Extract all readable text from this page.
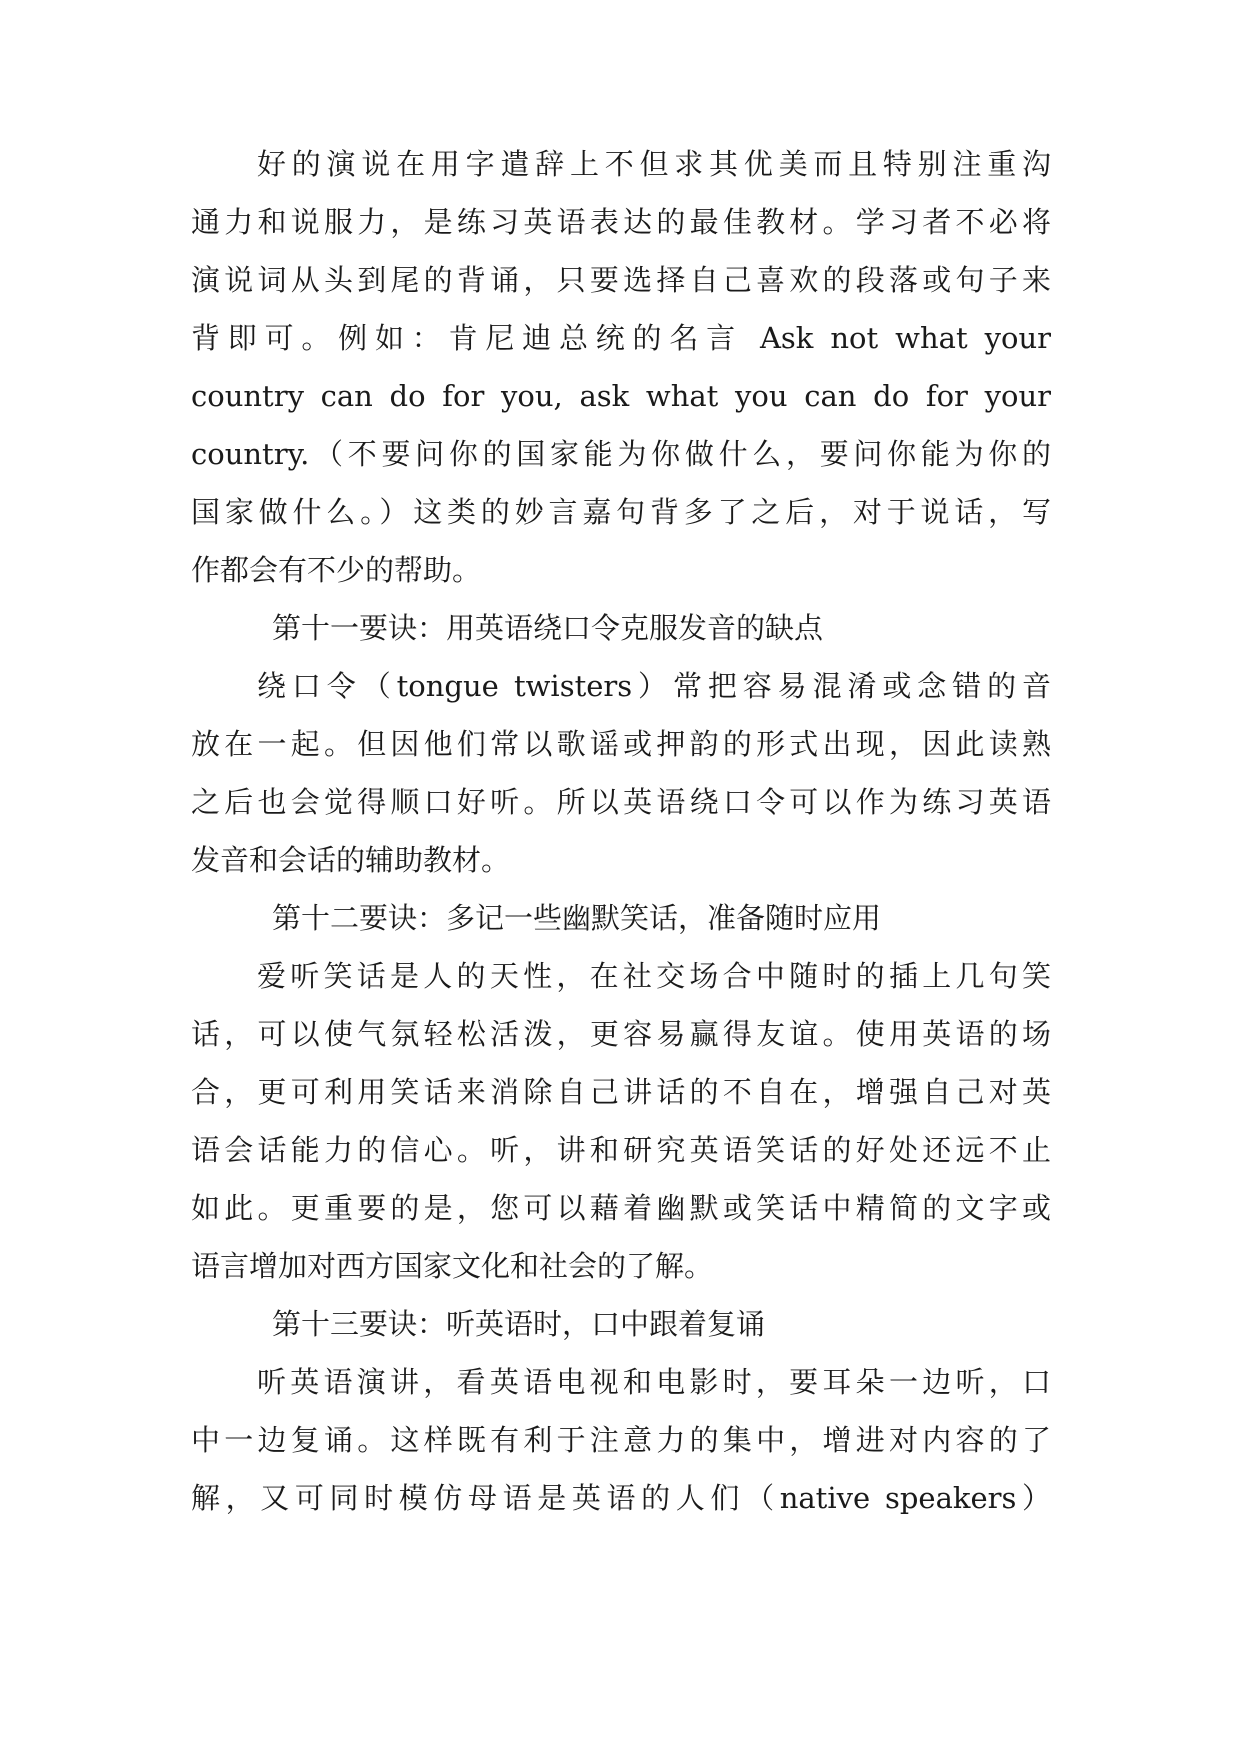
好的演说在用字遣辞上不但求其优美而且特别注重沟
通力和说服力，是练习英语表达的最佳教材。学习者不必将
演说词从头到尾的背诵，只要选择自己喜欢的段落或句子来
背即可。例如：肯尼迪总统的名言 Ask not what your
country can do for you, ask what you can do for your
country.（不要问你的国家能为你做什么，要问你能为你的
国家做什么。）这类的妙言嘉句背多了之后，对于说话，写
作都会有不少的帮助。
第十一要诀：用英语绕口令克服发音的缺点
绕口令（tongue twisters）常把容易混淆或念错的音
放在一起。但因他们常以歌谣或押韵的形式出现，因此读熟
之后也会觉得顺口好听。所以英语绕口令可以作为练习英语
发音和会话的辅助教材。
第十二要诀：多记一些幽默笑话，准备随时应用
爱听笑话是人的天性，在社交场合中随时的插上几句笑
话，可以使气氛轻松活泼，更容易赢得友谊。使用英语的场
合，更可利用笑话来消除自己讲话的不自在，增强自己对英
语会话能力的信心。听，讲和研究英语笑话的好处还远不止
如此。更重要的是，您可以藉着幽默或笑话中精简的文字或
语言增加对西方国家文化和社会的了解。
第十三要诀：听英语时，口中跟着复诵
听英语演讲，看英语电视和电影时，要耳朵一边听，口
中一边复诵。这样既有利于注意力的集中，增进对内容的了
解，又可同时模仿母语是英语的人们（native speakers）
